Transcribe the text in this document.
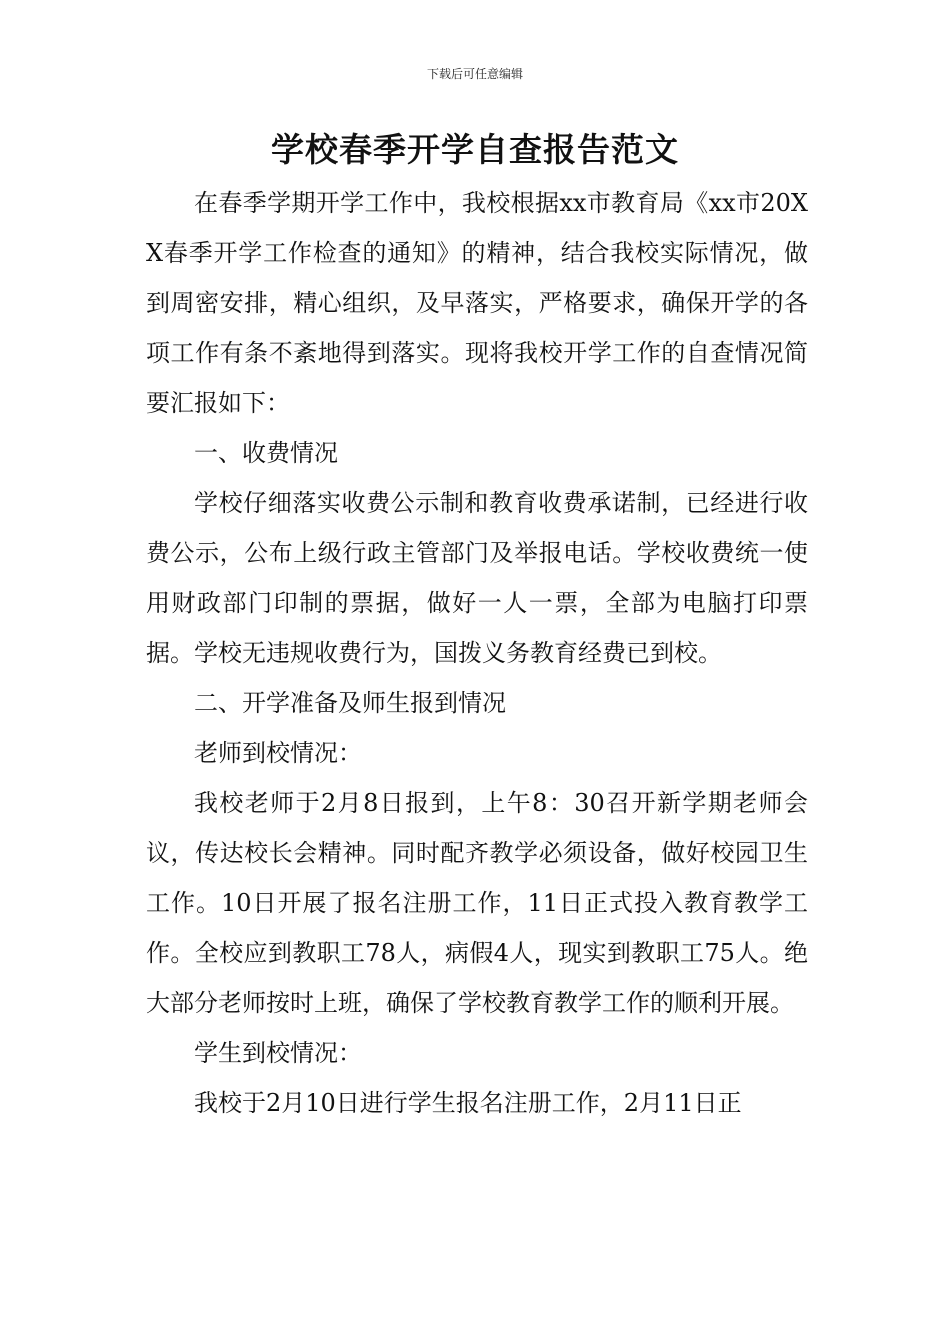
下载后可任意编辑
学校春季开学自查报告范文

在春季学期开学工作中，我校根据xx市教育局《xx市20XX春季开学工作检查的通知》的精神，结合我校实际情况，做到周密安排，精心组织，及早落实，严格要求，确保开学的各项工作有条不紊地得到落实。现将我校开学工作的自查情况简要汇报如下：

一、收费情况

学校仔细落实收费公示制和教育收费承诺制，已经进行收费公示，公布上级行政主管部门及举报电话。学校收费统一使用财政部门印制的票据，做好一人一票，全部为电脑打印票据。学校无违规收费行为，国拨义务教育经费已到校。

二、开学准备及师生报到情况

老师到校情况：

我校老师于2月8日报到，上午8：30召开新学期老师会议，传达校长会精神。同时配齐教学必须设备，做好校园卫生工作。10日开展了报名注册工作，11日正式投入教育教学工作。全校应到教职工78人，病假4人，现实到教职工75人。绝大部分老师按时上班，确保了学校教育教学工作的顺利开展。

学生到校情况：

我校于2月10日进行学生报名注册工作，2月11日正
